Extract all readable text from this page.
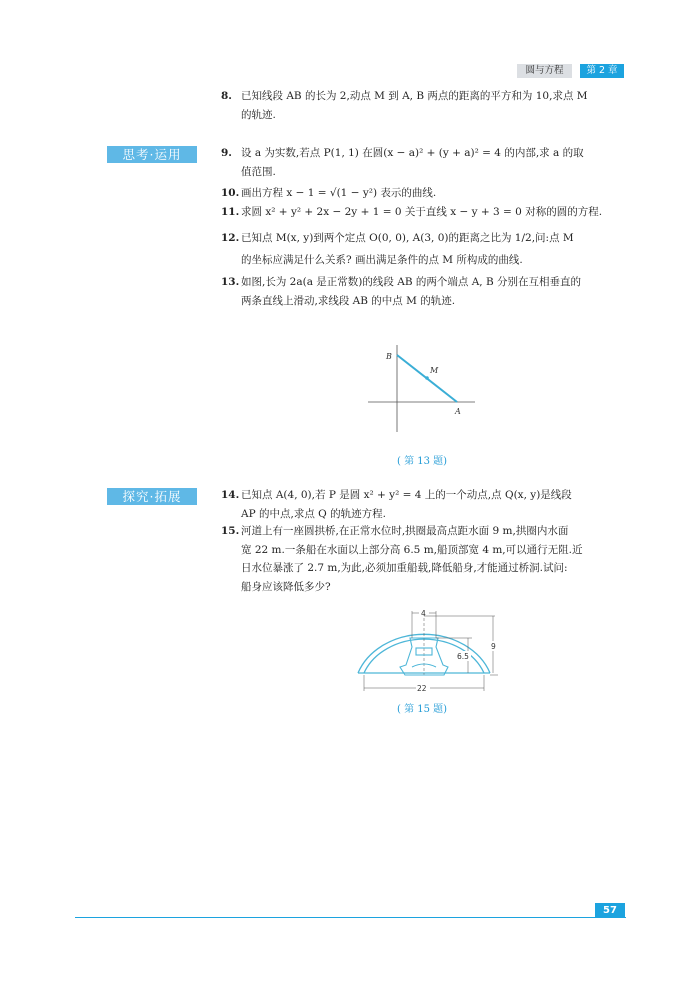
圆与方程	第 2 章
8. 已知线段 AB 的长为 2,动点 M 到 A, B 两点的距离的平方和为 10,求点 M
的轨迹.
思考·运用	9. 设 a 为实数,若点 P(1, 1) 在圆(x − a)² + (y + a)² = 4 的内部,求 a 的取
值范围.
10. 画出方程 x − 1 = √(1 − y²) 表示的曲线.
11. 求圆 x² + y² + 2x − 2y + 1 = 0 关于直线 x − y + 3 = 0 对称的圆的方程.
12. 已知点 M(x, y)到两个定点 O(0, 0), A(3, 0)的距离之比为 1/2,问:点 M
的坐标应满足什么关系? 画出满足条件的点 M 所构成的曲线.
13. 如图,长为 2a(a 是正常数)的线段 AB 的两个端点 A, B 分别在互相垂直的
两条直线上滑动,求线段 AB 的中点 M 的轨迹.
B
M
A
( 第 13 题)
探究·拓展	14. 已知点 A(4, 0),若 P 是圆 x² + y² = 4 上的一个动点,点 Q(x, y)是线段
AP 的中点,求点 Q 的轨迹方程.
15. 河道上有一座圆拱桥,在正常水位时,拱圈最高点距水面 9 m,拱圈内水面
宽 22 m.一条船在水面以上部分高 6.5 m,船顶部宽 4 m,可以通行无阻.近
日水位暴涨了 2.7 m,为此,必须加重船载,降低船身,才能通过桥洞.试问:
船身应该降低多少?
4
6.5
9
22
( 第 15 题)
57
